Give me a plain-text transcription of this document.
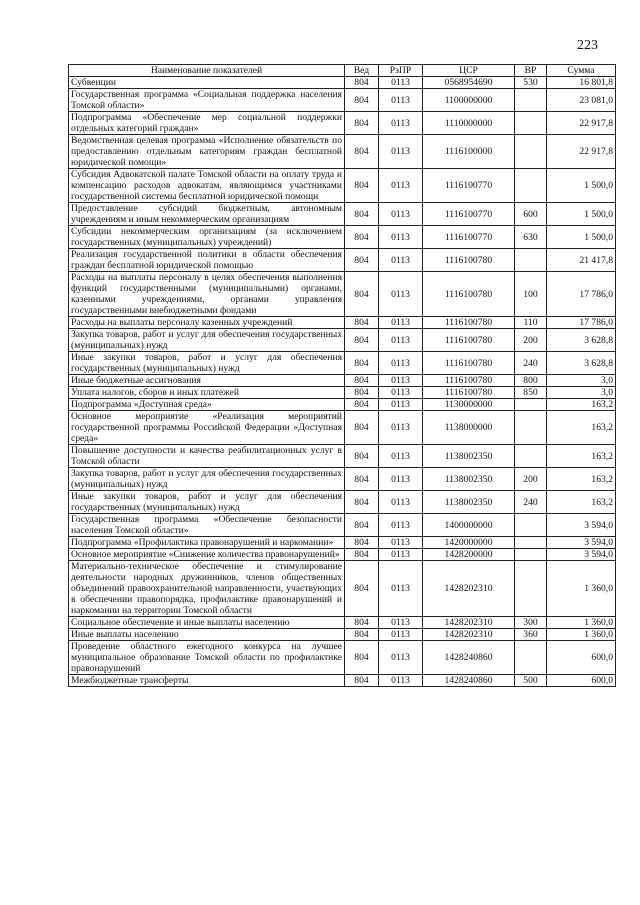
223
Наименование показателей	Вед	РзПР	ЦСР	ВР	Сумма
Субвенции	804	0113	0568954690	530	16 801,8
Государственная программа «Социальная поддержка населения Томской области»	804	0113	1100000000		23 081,0
Подпрограмма «Обеспечение мер социальной поддержки отдельных категорий граждан»	804	0113	1110000000		22 917,8
Ведомственная целевая программа «Исполнение обязательств по предоставлению отдельным категориям граждан бесплатной юридической помощи»	804	0113	1116100000		22 917,8
Субсидия Адвокатской палате Томской области на оплату труда и компенсацию расходов адвокатам, являющимся участниками государственной системы бесплатной юридической помощи	804	0113	1116100770		1 500,0
Предоставление субсидий бюджетным, автономным учреждениям и иным некоммерческим организациям	804	0113	1116100770	600	1 500,0
Субсидии некоммерческим организациям (за исключением государственных (муниципальных) учреждений)	804	0113	1116100770	630	1 500,0
Реализация государственной политики в области обеспечения граждан бесплатной юридической помощью	804	0113	1116100780		21 417,8
Расходы на выплаты персоналу в целях обеспечения выполнения функций государственными (муниципальными) органами, казенными учреждениями, органами управления государственными внебюджетными фондами	804	0113	1116100780	100	17 786,0
Расходы на выплаты персоналу казенных учреждений	804	0113	1116100780	110	17 786,0
Закупка товаров, работ и услуг для обеспечения государственных (муниципальных) нужд	804	0113	1116100780	200	3 628,8
Иные закупки товаров, работ и услуг для обеспечения государственных (муниципальных) нужд	804	0113	1116100780	240	3 628,8
Иные бюджетные ассигнования	804	0113	1116100780	800	3,0
Уплата налогов, сборов и иных платежей	804	0113	1116100780	850	3,0
Подпрограмма «Доступная среда»	804	0113	1130000000		163,2
Основное мероприятие «Реализация мероприятий государственной программы Российской Федерации «Доступная среда»	804	0113	1138000000		163,2
Повышение доступности и качества реабилитационных услуг в Томской области	804	0113	1138002350		163,2
Закупка товаров, работ и услуг для обеспечения государственных (муниципальных) нужд	804	0113	1138002350	200	163,2
Иные закупки товаров, работ и услуг для обеспечения государственных (муниципальных) нужд	804	0113	1138002350	240	163,2
Государственная программа «Обеспечение безопасности населения Томской области»	804	0113	1400000000		3 594,0
Подпрограмма «Профилактика правонарушений и наркомании»	804	0113	1420000000		3 594,0
Основное мероприятие «Снижение количества правонарушений»	804	0113	1428200000		3 594,0
Материально-техническое обеспечение и стимулирование деятельности народных дружинников, членов общественных объединений правоохранительной направленности, участвующих в обеспечении правопорядка, профилактике правонарушений и наркомании на территории Томской области	804	0113	1428202310		1 360,0
Социальное обеспечение и иные выплаты населению	804	0113	1428202310	300	1 360,0
Иные выплаты населению	804	0113	1428202310	360	1 360,0
Проведение областного ежегодного конкурса на лучшее муниципальное образование Томской области по профилактике правонарушений	804	0113	1428240860		600,0
Межбюджетные трансферты	804	0113	1428240860	500	600,0
